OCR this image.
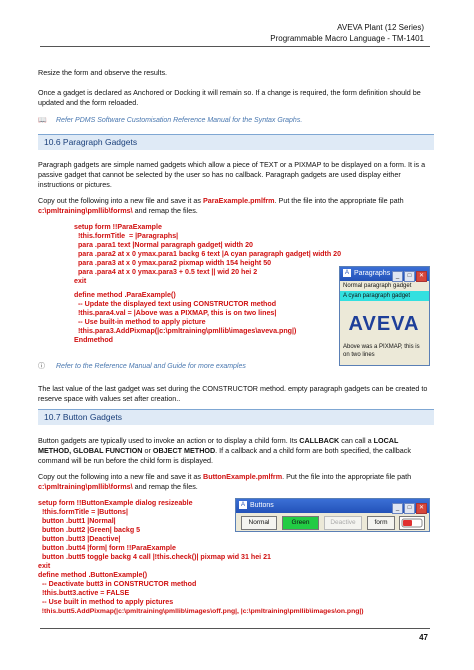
AVEVA Plant (12 Series)
Programmable Macro Language - TM-1401
Resize the form and observe the results.
Once a gadget is declared as Anchored or Docking it will remain so. If a change is required, the form definition should be updated and the form reloaded.
📖 Refer PDMS Software Customisation Reference Manual for the Syntax Graphs.
10.6 Paragraph Gadgets
Paragraph gadgets are simple named gadgets which allow a piece of TEXT or a PIXMAP to be displayed on a form. It is a passive gadget that cannot be selected by the user so has no callback. Paragraph gadgets are used display either instructions or pictures.
Copy out the following into a new file and save it as ParaExample.pmlfrm. Put the file into the appropriate file path c:\pmltraining\pmllib\forms\ and remap the files.
setup form !!ParaExample
!this.formTitle  = |Paragraphs|
para .para1 text |Normal paragraph gadget| width 20
para .para2 at x 0 ymax.para1 backg 6 text |A cyan paragraph gadget| width 20
para .para3 at x 0 ymax.para2 pixmap width 154 height 50
para .para4 at x 0 ymax.para3 + 0.5 text || wid 20 hei 2
exit
define method .ParaExample()
-- Update the displayed text using CONSTRUCTOR method
!this.para4.val = |Above was a PIXMAP, this is on two lines|
-- Use built-in method to apply picture
!this.para3.AddPixmap(|c:\pmltraining\pmllib\images\aveva.png|)
Endmethod
A Paragraphs _ □ ✕
Normal paragraph gadget
A cyan paragraph gadget
AVEVA
Above was a PIXMAP, this is on two lines
ⓘ Refer to the Reference Manual and Guide for more examples
The last value of the last gadget was set during the CONSTRUCTOR method. empty paragraph gadgets can be created to reserve space with values set after creation..
10.7 Button Gadgets
Button gadgets are typically used to invoke an action or to display a child form. Its CALLBACK can call a LOCAL METHOD, GLOBAL FUNCTION or OBJECT METHOD. If a callback and a child form are both specified, the callback command will be run before the child form is displayed.
Copy out the following into a new file and save it as ButtonExample.pmlfrm. Put the file into the appropriate file path c:\pmltraining\pmllib\forms\ and remap the files.
setup form !!ButtonExample dialog resizeable
!this.formTitle = |Buttons|
button .butt1 |Normal|
button .butt2 |Green| backg 5
button .butt3 |Deactive|
button .butt4 |form| form !!ParaExample
button .butt5 toggle backg 4 call |!this.check()| pixmap wid 31 hei 21
exit
define method .ButtonExample()
-- Deactivate butt3 in CONSTRUCTOR method
!this.butt3.active = FALSE
-- Use built in method to apply pictures
!this.butt5.AddPixmap(|c:\pmltraining\pmllib\images\off.png|, |c:\pmltraining\pmllib\images\on.png|)
A Buttons	_ □ ✕
Normal	Green	Deactive	form
47
